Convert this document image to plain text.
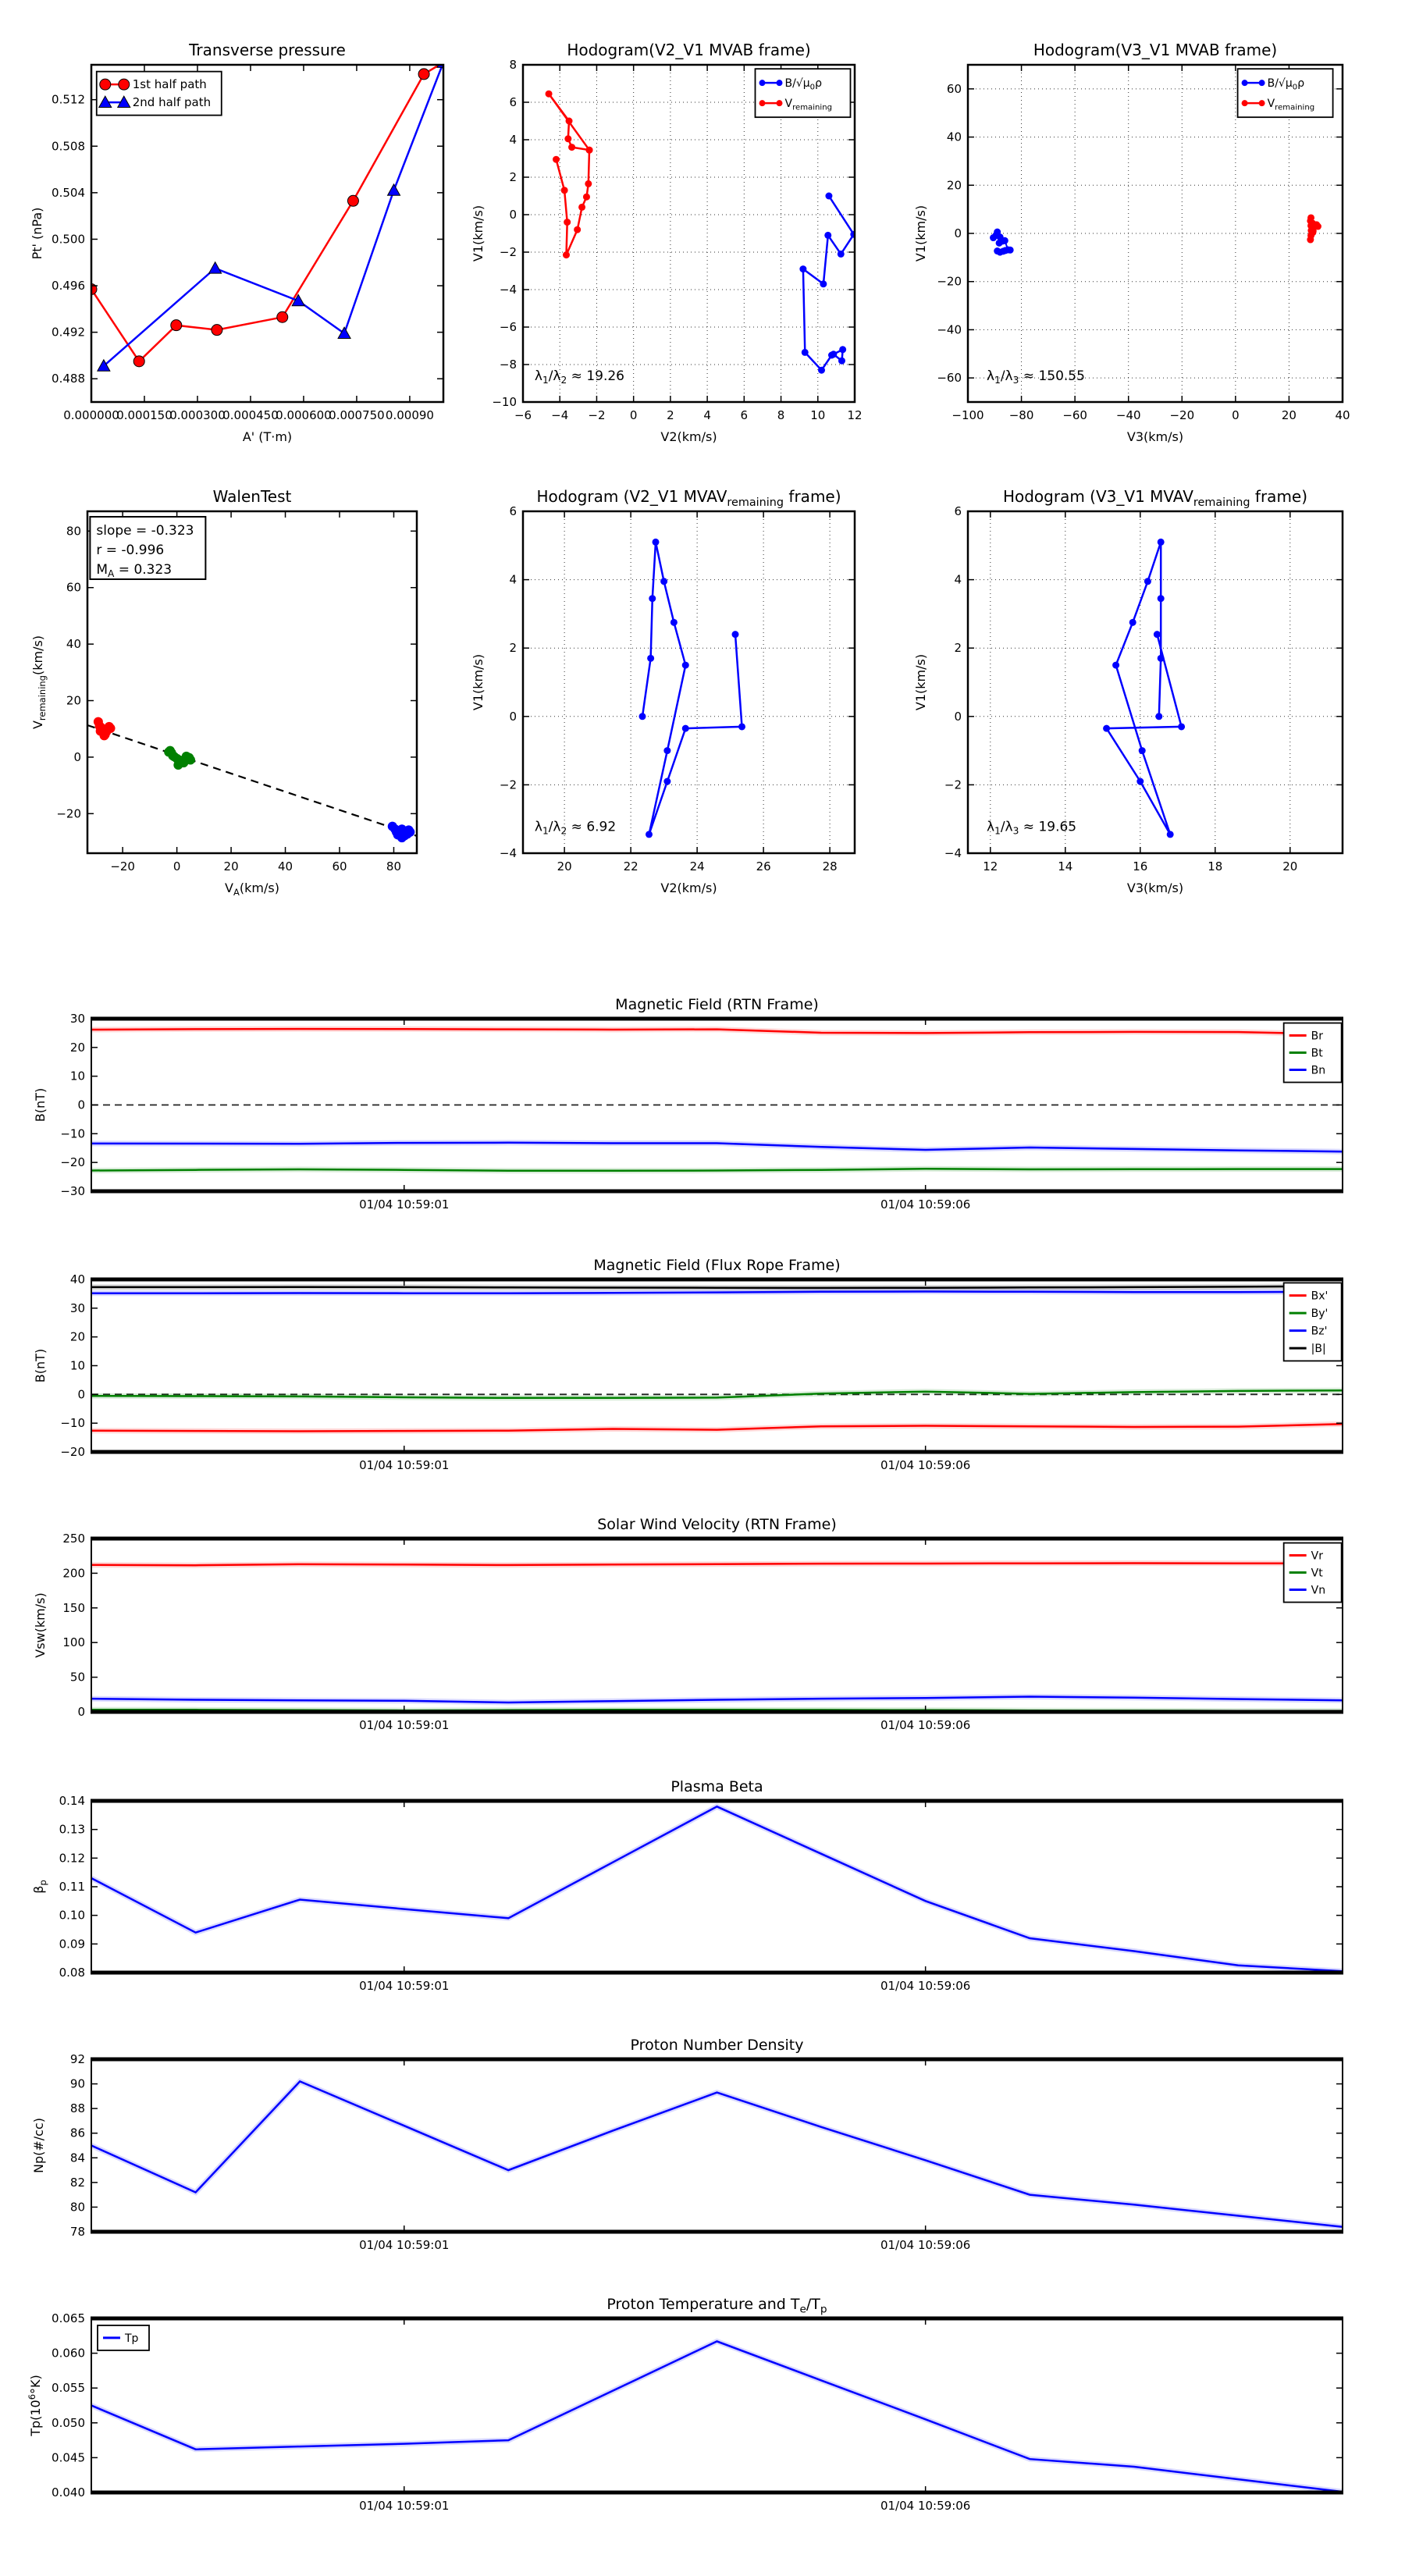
0.000000
0.000150
0.000300
0.000450
0.000600
0.000750 0.00090
0.488
0.492
0.496
0.500
0.504
0.508
0.512
Transverse pressure
A' (T·m)
Pt' (nPa)
1st half path
2nd half path
−6 −4 −2 0	2	4	6	8 10 12
−10
−8
−6
−4
−2
0
2
4
6
8
Hodogram(V2_V1 MVAB frame)
V2(km/s)
V1(km/s)
$\lambda_1/\lambda_2 \approx 19.26$
$B/√\mu_0\rho$
$V_{remaining}$
−100 −80 −60 −40 −20	0	20	40
−60
−40
−20
0
20
40
60
Hodogram(V3_V1 MVAB frame)
V3(km/s)
V1(km/s)
$\lambda_1/\lambda_3 \approx 150.55$
$B/√\mu_0\rho$
$V_{remaining}$
−20	0	20	40	60	80
−20
0
20
40
60
80
WalenTest
$V_A(km/s)$
$V_{remaining}(km/s)$
slope = -0.323
r = -0.996
$M_A = 0.323$
20	22	24	26	28
−4
−2
0
2
4
6
Hodogram (V2_V1 $MVAV_{remaining}$ frame)
V2(km/s)
V1(km/s)
$\lambda_1/\lambda_2 \approx 6.92$
12	14	16	18	20
−4
−2
0
2
4
6
Hodogram (V3_V1 $MVAV_{remaining}$ frame)
V3(km/s)
V1(km/s)
$\lambda_1/\lambda_3 \approx 19.65$
01/04 10:59:01	01/04 10:59:06
−30
−20
−10
0
10
20
30
Magnetic Field (RTN Frame)
B(nT)
Br
Bt
Bn
01/04 10:59:01	01/04 10:59:06
−20
−10
0
10
20
30
40
Magnetic Field (Flux Rope Frame)
B(nT)
Bx'
By'
Bz'
|B|
01/04 10:59:01	01/04 10:59:06
0
50
100
150
200
250
Solar Wind Velocity (RTN Frame)
Vsw(km/s)
Vr
Vt
Vn
01/04 10:59:01	01/04 10:59:06
0.08
0.09
0.10
0.11
0.12
0.13
0.14
Plasma Beta
$\beta_p$
01/04 10:59:01	01/04 10:59:06
78
80
82
84
86
88
90
92
Proton Number Density
Np(#/cc)
01/04 10:59:01	01/04 10:59:06
0.040
0.045
0.050
0.055
0.060
0.065
Proton Temperature and $T_e/T_p$
$Tp(10^6^\circ K)$
Tp
